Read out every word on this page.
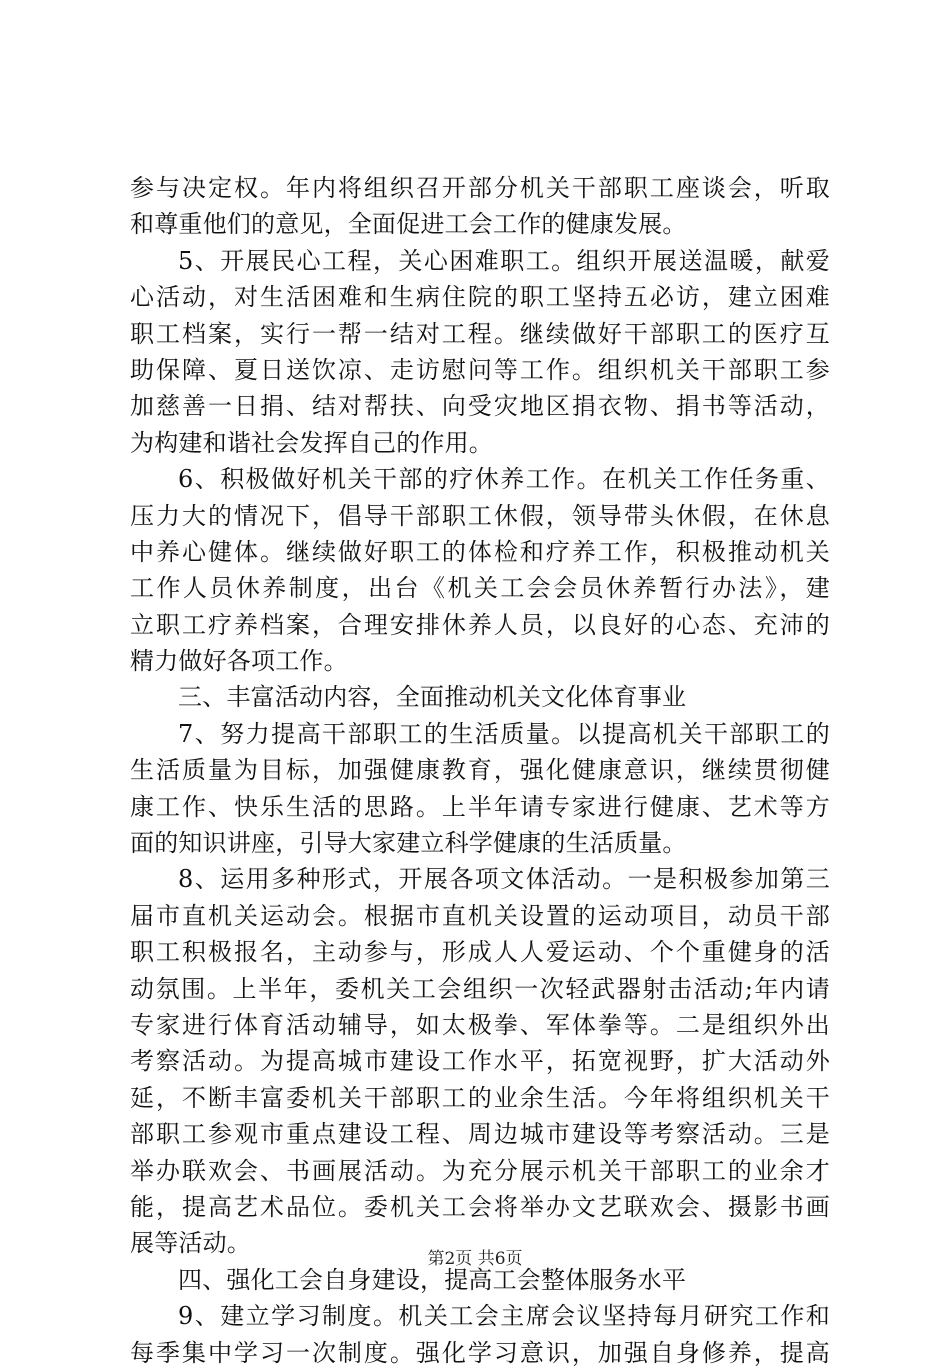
参与决定权。年内将组织召开部分机关干部职工座谈会，听取
和尊重他们的意见，全面促进工会工作的健康发展。
5、开展民心工程，关心困难职工。组织开展送温暖，献爱
心活动，对生活困难和生病住院的职工坚持五必访，建立困难
职工档案，实行一帮一结对工程。继续做好干部职工的医疗互
助保障、夏日送饮凉、走访慰问等工作。组织机关干部职工参
加慈善一日捐、结对帮扶、向受灾地区捐衣物、捐书等活动，
为构建和谐社会发挥自己的作用。
6、积极做好机关干部的疗休养工作。在机关工作任务重、
压力大的情况下，倡导干部职工休假，领导带头休假，在休息
中养心健体。继续做好职工的体检和疗养工作，积极推动机关
工作人员休养制度，出台《机关工会会员休养暂行办法》，建
立职工疗养档案，合理安排休养人员，以良好的心态、充沛的
精力做好各项工作。
三、丰富活动内容，全面推动机关文化体育事业
7、努力提高干部职工的生活质量。以提高机关干部职工的
生活质量为目标，加强健康教育，强化健康意识，继续贯彻健
康工作、快乐生活的思路。上半年请专家进行健康、艺术等方
面的知识讲座，引导大家建立科学健康的生活质量。
8、运用多种形式，开展各项文体活动。一是积极参加第三
届市直机关运动会。根据市直机关设置的运动项目，动员干部
职工积极报名，主动参与，形成人人爱运动、个个重健身的活
动氛围。上半年，委机关工会组织一次轻武器射击活动;年内请
专家进行体育活动辅导，如太极拳、军体拳等。二是组织外出
考察活动。为提高城市建设工作水平，拓宽视野，扩大活动外
延，不断丰富委机关干部职工的业余生活。今年将组织机关干
部职工参观市重点建设工程、周边城市建设等考察活动。三是
举办联欢会、书画展活动。为充分展示机关干部职工的业余才
能，提高艺术品位。委机关工会将举办文艺联欢会、摄影书画
展等活动。
四、强化工会自身建设，提高工会整体服务水平
9、建立学习制度。机关工会主席会议坚持每月研究工作和
每季集中学习一次制度。强化学习意识，加强自身修养，提高
第2页 共6页
